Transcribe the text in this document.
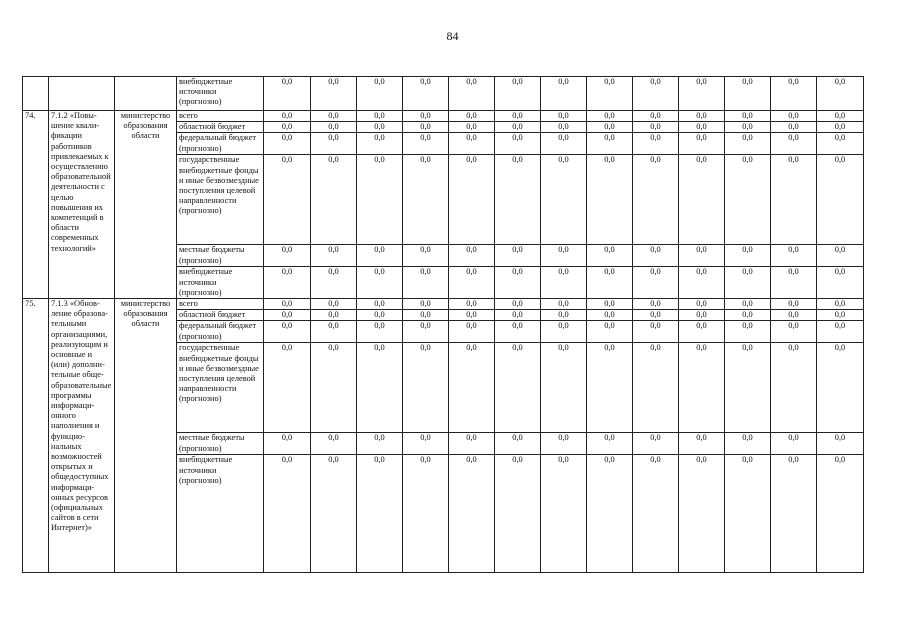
84
			внебюджетные источники (прогнозно)	0,0	0,0	0,0	0,0	0,0	0,0	0,0	0,0	0,0	0,0	0,0	0,0	0,0
74.	7.1.2 «Повы-шение квали-фикации работников привлекаемых к осуществлению образовательной деятельности с целью повышения их компетенций в области современных технологий»	министерство образования области	всего	0,0	0,0	0,0	0,0	0,0	0,0	0,0	0,0	0,0	0,0	0,0	0,0	0,0
			областной бюджет	0,0	0,0	0,0	0,0	0,0	0,0	0,0	0,0	0,0	0,0	0,0	0,0	0,0
			федеральный бюджет (прогнозно)	0,0	0,0	0,0	0,0	0,0	0,0	0,0	0,0	0,0	0,0	0,0	0,0	0,0
			государственные внебюджетные фонды и иные безвозмездные поступления целевой направленности (прогнозно)	0,0	0,0	0,0	0,0	0,0	0,0	0,0	0,0	0,0	0,0	0,0	0,0	0,0
			местные бюджеты (прогнозно)	0,0	0,0	0,0	0,0	0,0	0,0	0,0	0,0	0,0	0,0	0,0	0,0	0,0
			внебюджетные источники (прогнозно)	0,0	0,0	0,0	0,0	0,0	0,0	0,0	0,0	0,0	0,0	0,0	0,0	0,0
75.	7.1.3 «Обнов-ление образова-тельными организациями, реализующим и основные и (или) дополни-тельные обще-образовательные программы информаци-онного наполнения и функцио-нальных возможностей открытых и общедоступных информаци-онных ресурсов (официальных сайтов в сети Интернет)»	министерство образования области	всего	0,0	0,0	0,0	0,0	0,0	0,0	0,0	0,0	0,0	0,0	0,0	0,0	0,0
			областной бюджет	0,0	0,0	0,0	0,0	0,0	0,0	0,0	0,0	0,0	0,0	0,0	0,0	0,0
			федеральный бюджет (прогнозно)	0,0	0,0	0,0	0,0	0,0	0,0	0,0	0,0	0,0	0,0	0,0	0,0	0,0
			государственные внебюджетные фонды и иные безвозмездные поступления целевой направленности (прогнозно)	0,0	0,0	0,0	0,0	0,0	0,0	0,0	0,0	0,0	0,0	0,0	0,0	0,0
			местные бюджеты (прогнозно)	0,0	0,0	0,0	0,0	0,0	0,0	0,0	0,0	0,0	0,0	0,0	0,0	0,0
			внебюджетные источники (прогнозно)	0,0	0,0	0,0	0,0	0,0	0,0	0,0	0,0	0,0	0,0	0,0	0,0	0,0
